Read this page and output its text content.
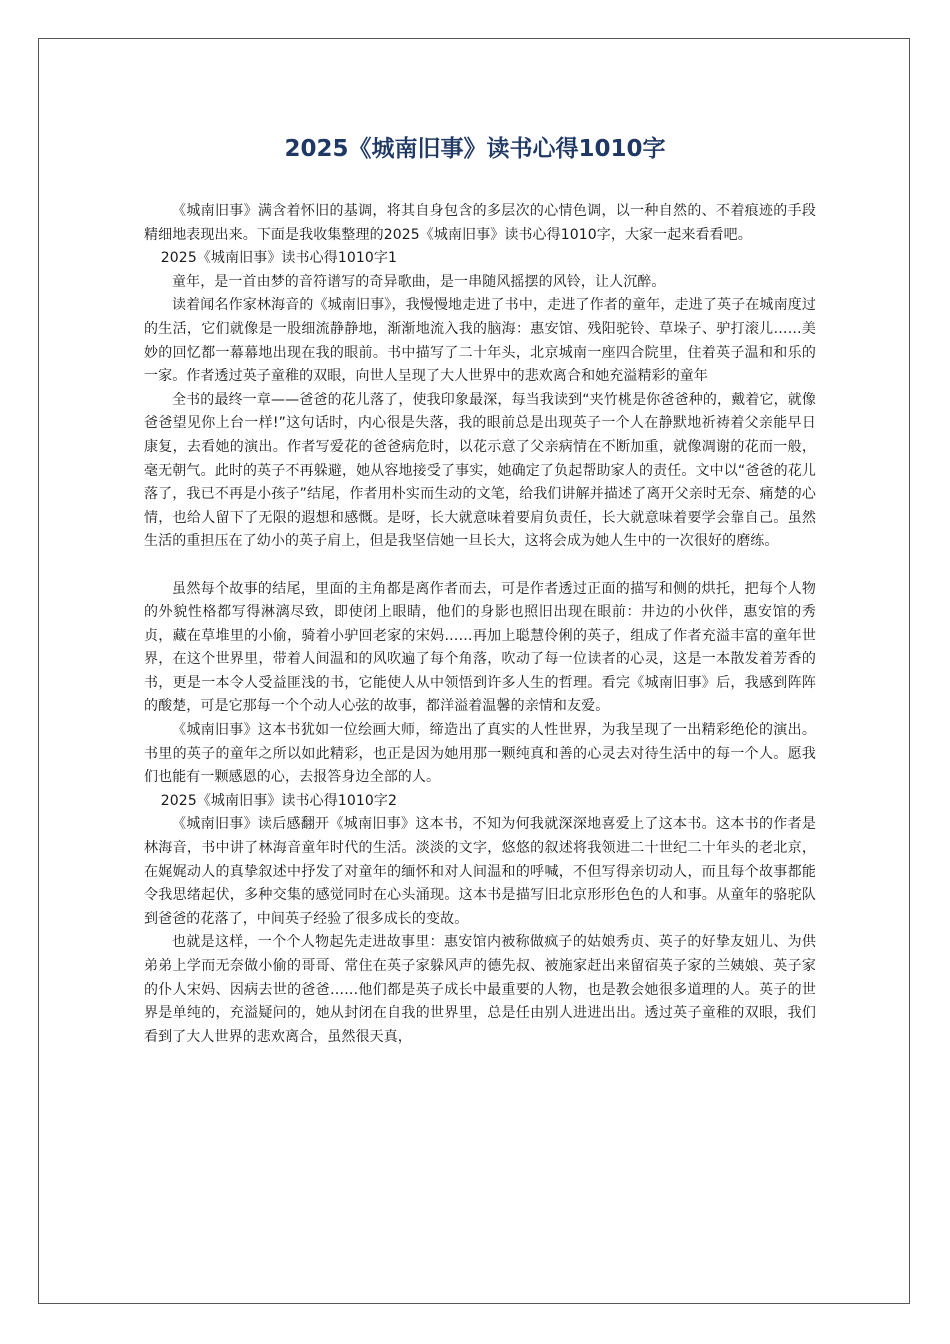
2025《城南旧事》读书心得1010字

《城南旧事》满含着怀旧的基调，将其自身包含的多层次的心情色调，以一种自然的、不着痕迹的手段精细地表现出来。下面是我收集整理的2025《城南旧事》读书心得1010字，大家一起来看看吧。

2025《城南旧事》读书心得1010字1

童年，是一首由梦的音符谱写的奇异歌曲，是一串随风摇摆的风铃，让人沉醉。

读着闻名作家林海音的《城南旧事》，我慢慢地走进了书中，走进了作者的童年，走进了英子在城南度过的生活，它们就像是一股细流静静地，渐渐地流入我的脑海：惠安馆、残阳驼铃、草垛子、驴打滚儿……美妙的回忆都一幕幕地出现在我的眼前。书中描写了二十年头，北京城南一座四合院里，住着英子温和和乐的一家。作者透过英子童稚的双眼，向世人呈现了大人世界中的悲欢离合和她充溢精彩的童年

全书的最终一章——爸爸的花儿落了，使我印象最深，每当我读到“夹竹桃是你爸爸种的，戴着它，就像爸爸望见你上台一样!”这句话时，内心很是失落，我的眼前总是出现英子一个人在静默地祈祷着父亲能早日康复，去看她的演出。作者写爱花的爸爸病危时，以花示意了父亲病情在不断加重，就像凋谢的花而一般，毫无朝气。此时的英子不再躲避，她从容地接受了事实，她确定了负起帮助家人的责任。文中以“爸爸的花儿落了，我已不再是小孩子”结尾，作者用朴实而生动的文笔，给我们讲解并描述了离开父亲时无奈、痛楚的心情，也给人留下了无限的遐想和感慨。是呀，长大就意味着要肩负责任，长大就意味着要学会靠自己。虽然生活的重担压在了幼小的英子肩上，但是我坚信她一旦长大，这将会成为她人生中的一次很好的磨练。

虽然每个故事的结尾，里面的主角都是离作者而去，可是作者透过正面的描写和侧的烘托，把每个人物的外貌性格都写得淋漓尽致，即使闭上眼睛，他们的身影也照旧出现在眼前：井边的小伙伴，惠安馆的秀贞，藏在草堆里的小偷，骑着小驴回老家的宋妈……再加上聪慧伶俐的英子，组成了作者充溢丰富的童年世界，在这个世界里，带着人间温和的风吹遍了每个角落，吹动了每一位读者的心灵，这是一本散发着芳香的书，更是一本令人受益匪浅的书，它能使人从中领悟到许多人生的哲理。看完《城南旧事》后，我感到阵阵的酸楚，可是它那每一个个动人心弦的故事，都洋溢着温馨的亲情和友爱。

《城南旧事》这本书犹如一位绘画大师，缔造出了真实的人性世界，为我呈现了一出精彩绝伦的演出。书里的英子的童年之所以如此精彩，也正是因为她用那一颗纯真和善的心灵去对待生活中的每一个人。愿我们也能有一颗感恩的心，去报答身边全部的人。

2025《城南旧事》读书心得1010字2

《城南旧事》读后感翻开《城南旧事》这本书，不知为何我就深深地喜爱上了这本书。这本书的作者是林海音，书中讲了林海音童年时代的生活。淡淡的文字，悠悠的叙述将我领进二十世纪二十年头的老北京，在娓娓动人的真挚叙述中抒发了对童年的缅怀和对人间温和的呼喊，不但写得亲切动人，而且每个故事都能令我思绪起伏，多种交集的感觉同时在心头涌现。这本书是描写旧北京形形色色的人和事。从童年的骆驼队到爸爸的花落了，中间英子经验了很多成长的变故。

也就是这样，一个个人物起先走进故事里：惠安馆内被称做疯子的姑娘秀贞、英子的好挚友妞儿、为供弟弟上学而无奈做小偷的哥哥、常住在英子家躲风声的德先叔、被施家赶出来留宿英子家的兰姨娘、英子家的仆人宋妈、因病去世的爸爸……他们都是英子成长中最重要的人物，也是教会她很多道理的人。英子的世界是单纯的，充溢疑问的，她从封闭在自我的世界里，总是任由别人进进出出。透过英子童稚的双眼，我们看到了大人世界的悲欢离合，虽然很天真，
